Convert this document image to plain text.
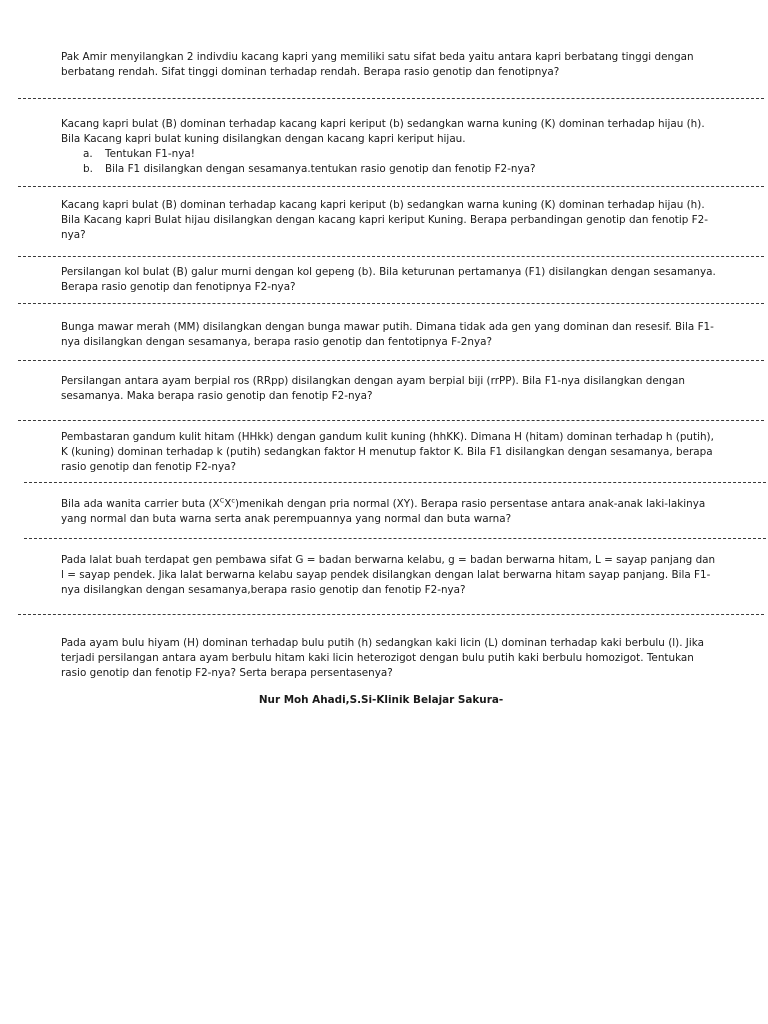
Pak Amir menyilangkan 2 indivdiu kacang kapri yang memiliki satu sifat beda yaitu antara kapri berbatang tinggi dengan berbatang rendah. Sifat tinggi dominan terhadap rendah. Berapa rasio genotip dan fenotipnya?

Kacang kapri bulat (B) dominan terhadap kacang kapri keriput (b) sedangkan warna kuning (K) dominan terhadap hijau (h). Bila Kacang kapri bulat kuning disilangkan dengan kacang kapri keriput hijau.

a. Tentukan F1-nya!
b. Bila F1 disilangkan dengan sesamanya.tentukan rasio genotip dan fenotip F2-nya?

Kacang kapri bulat (B) dominan terhadap kacang kapri keriput (b) sedangkan warna kuning (K) dominan terhadap hijau (h). Bila Kacang kapri Bulat hijau disilangkan dengan kacang kapri keriput Kuning. Berapa perbandingan genotip dan fenotip F2-nya?

Persilangan kol bulat (B) galur murni dengan kol gepeng (b). Bila keturunan pertamanya (F1) disilangkan dengan sesamanya. Berapa rasio genotip dan fenotipnya F2-nya?

Bunga mawar merah (MM) disilangkan dengan bunga mawar putih. Dimana tidak ada gen yang dominan dan resesif. Bila F1-nya disilangkan dengan sesamanya, berapa rasio genotip dan fentotipnya F-2nya?

Persilangan antara ayam berpial ros (RRpp) disilangkan dengan ayam berpial biji (rrPP). Bila F1-nya disilangkan dengan sesamanya. Maka berapa rasio genotip dan fenotip F2-nya?

Pembastaran gandum kulit hitam (HHkk) dengan gandum kulit kuning (hhKK). Dimana H (hitam) dominan terhadap h (putih), K (kuning) dominan terhadap k (putih) sedangkan faktor H menutup faktor K. Bila F1 disilangkan dengan sesamanya, berapa rasio genotip dan fenotip F2-nya?

Bila ada wanita carrier buta $(X^CX^c)menikah$ dengan pria normal (XY). Berapa rasio persentase antara anak-anak laki-lakinya yang normal dan buta warna serta anak perempuannya yang normal dan buta warna?

Pada lalat buah terdapat gen pembawa sifat G = badan berwarna kelabu, g = badan berwarna hitam, L = sayap panjang dan l = sayap pendek. Jika lalat berwarna kelabu sayap pendek disilangkan dengan lalat berwarna hitam sayap panjang. Bila F1-nya disilangkan dengan sesamanya,berapa rasio genotip dan fenotip F2-nya?

Pada ayam bulu hiyam (H) dominan terhadap bulu putih (h) sedangkan kaki licin (L) dominan terhadap kaki berbulu (l). Jika terjadi persilangan antara ayam berbulu hitam kaki licin heterozigot dengan bulu putih kaki berbulu homozigot. Tentukan rasio genotip dan fenotip F2-nya? Serta berapa persentasenya?

Nur Moh Ahadi,S.Si-Klinik Belajar Sakura-
